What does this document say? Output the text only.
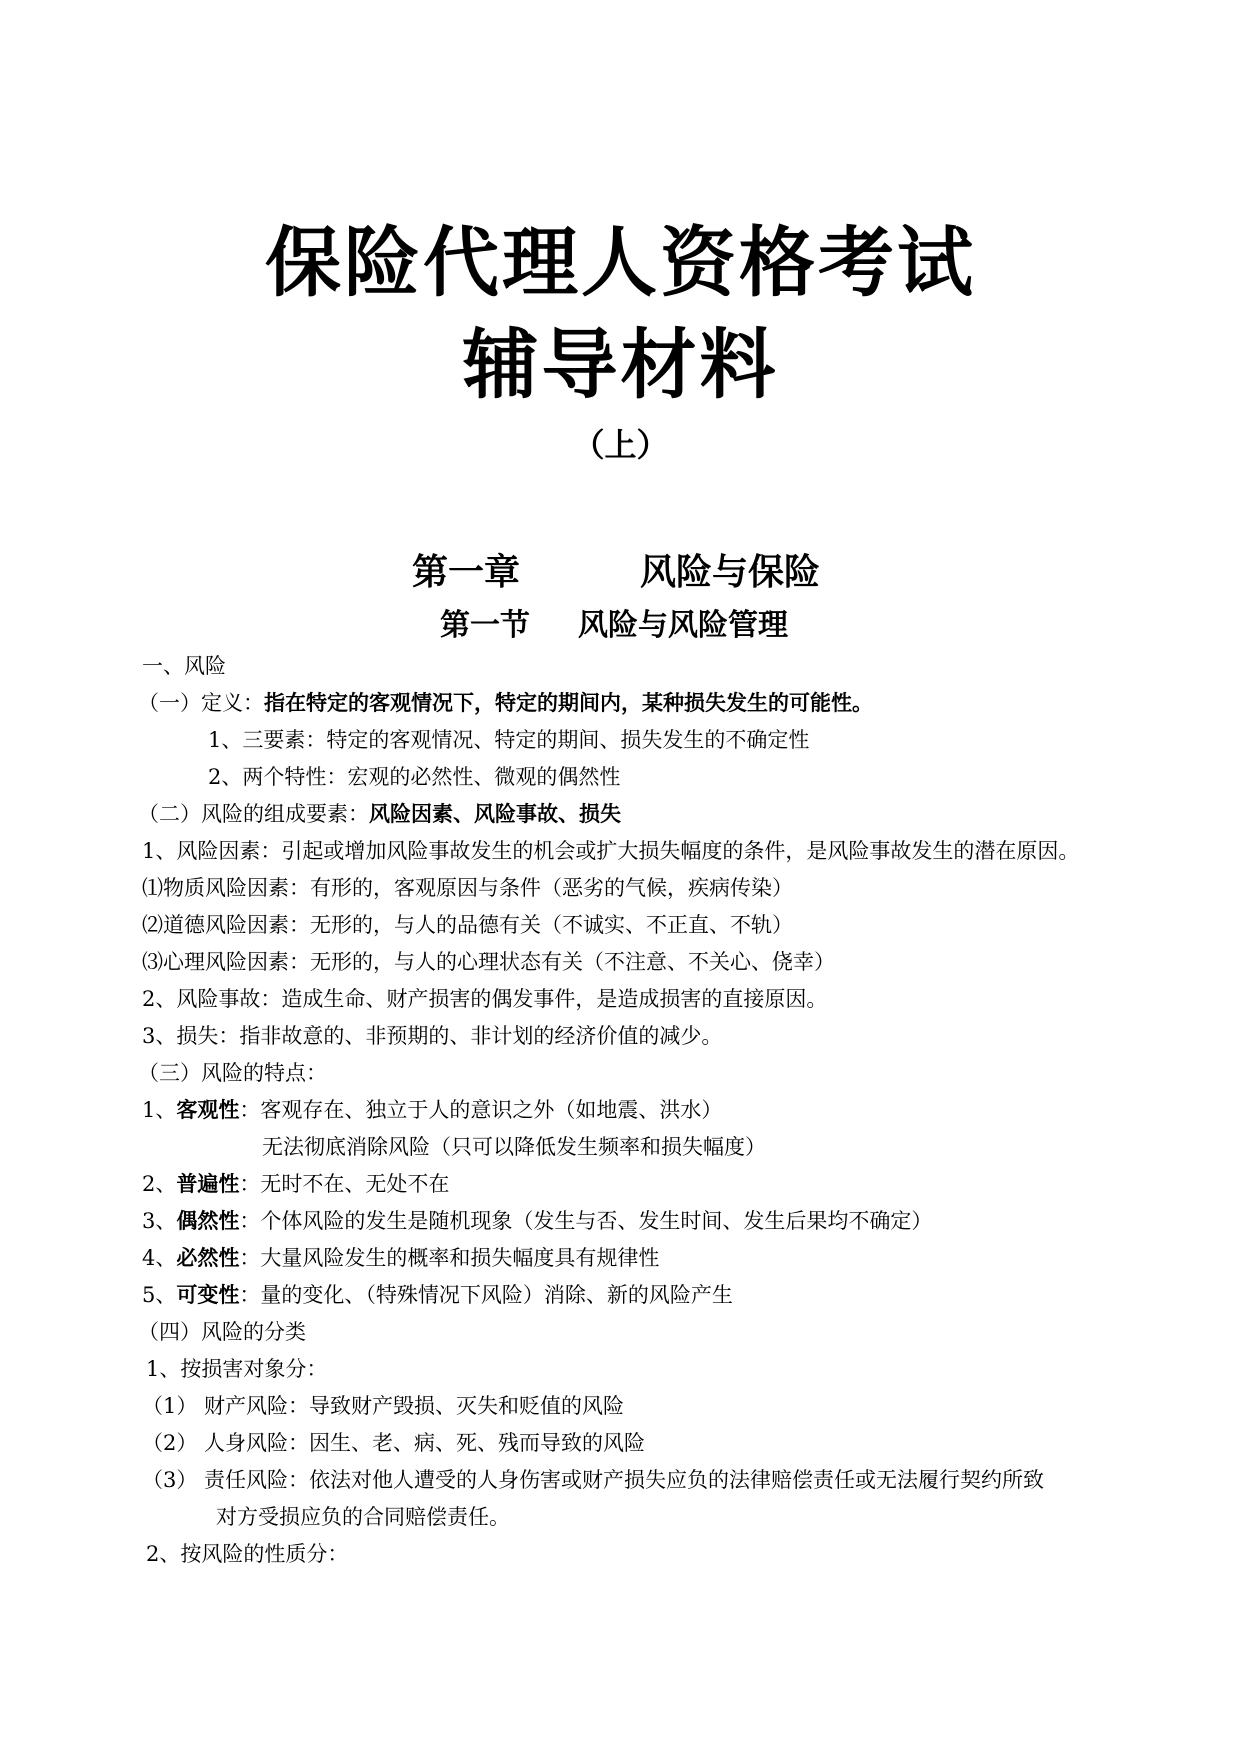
保险代理人资格考试
辅导材料
（上）
第一章	风险与保险
第一节 风险与风险管理
一、风险
（一）定义：指在特定的客观情况下，特定的期间内，某种损失发生的可能性。
1、三要素：特定的客观情况、特定的期间、损失发生的不确定性
2、两个特性：宏观的必然性、微观的偶然性
（二）风险的组成要素：风险因素、风险事故、损失
1、风险因素：引起或增加风险事故发生的机会或扩大损失幅度的条件，是风险事故发生的潜在原因。
⑴物质风险因素：有形的，客观原因与条件（恶劣的气候，疾病传染）
⑵道德风险因素：无形的，与人的品德有关（不诚实、不正直、不轨）
⑶心理风险因素：无形的，与人的心理状态有关（不注意、不关心、侥幸）
2、风险事故：造成生命、财产损害的偶发事件，是造成损害的直接原因。
3、损失：指非故意的、非预期的、非计划的经济价值的减少。
（三）风险的特点：
1、客观性：客观存在、独立于人的意识之外（如地震、洪水）
无法彻底消除风险（只可以降低发生频率和损失幅度）
2、普遍性：无时不在、无处不在
3、偶然性：个体风险的发生是随机现象（发生与否、发生时间、发生后果均不确定）
4、必然性：大量风险发生的概率和损失幅度具有规律性
5、可变性：量的变化、（特殊情况下风险）消除、新的风险产生
（四）风险的分类
1、按损害对象分：
（1） 财产风险：导致财产毁损、灭失和贬值的风险
（2） 人身风险：因生、老、病、死、残而导致的风险
（3） 责任风险：依法对他人遭受的人身伤害或财产损失应负的法律赔偿责任或无法履行契约所致
对方受损应负的合同赔偿责任。
2、按风险的性质分：
